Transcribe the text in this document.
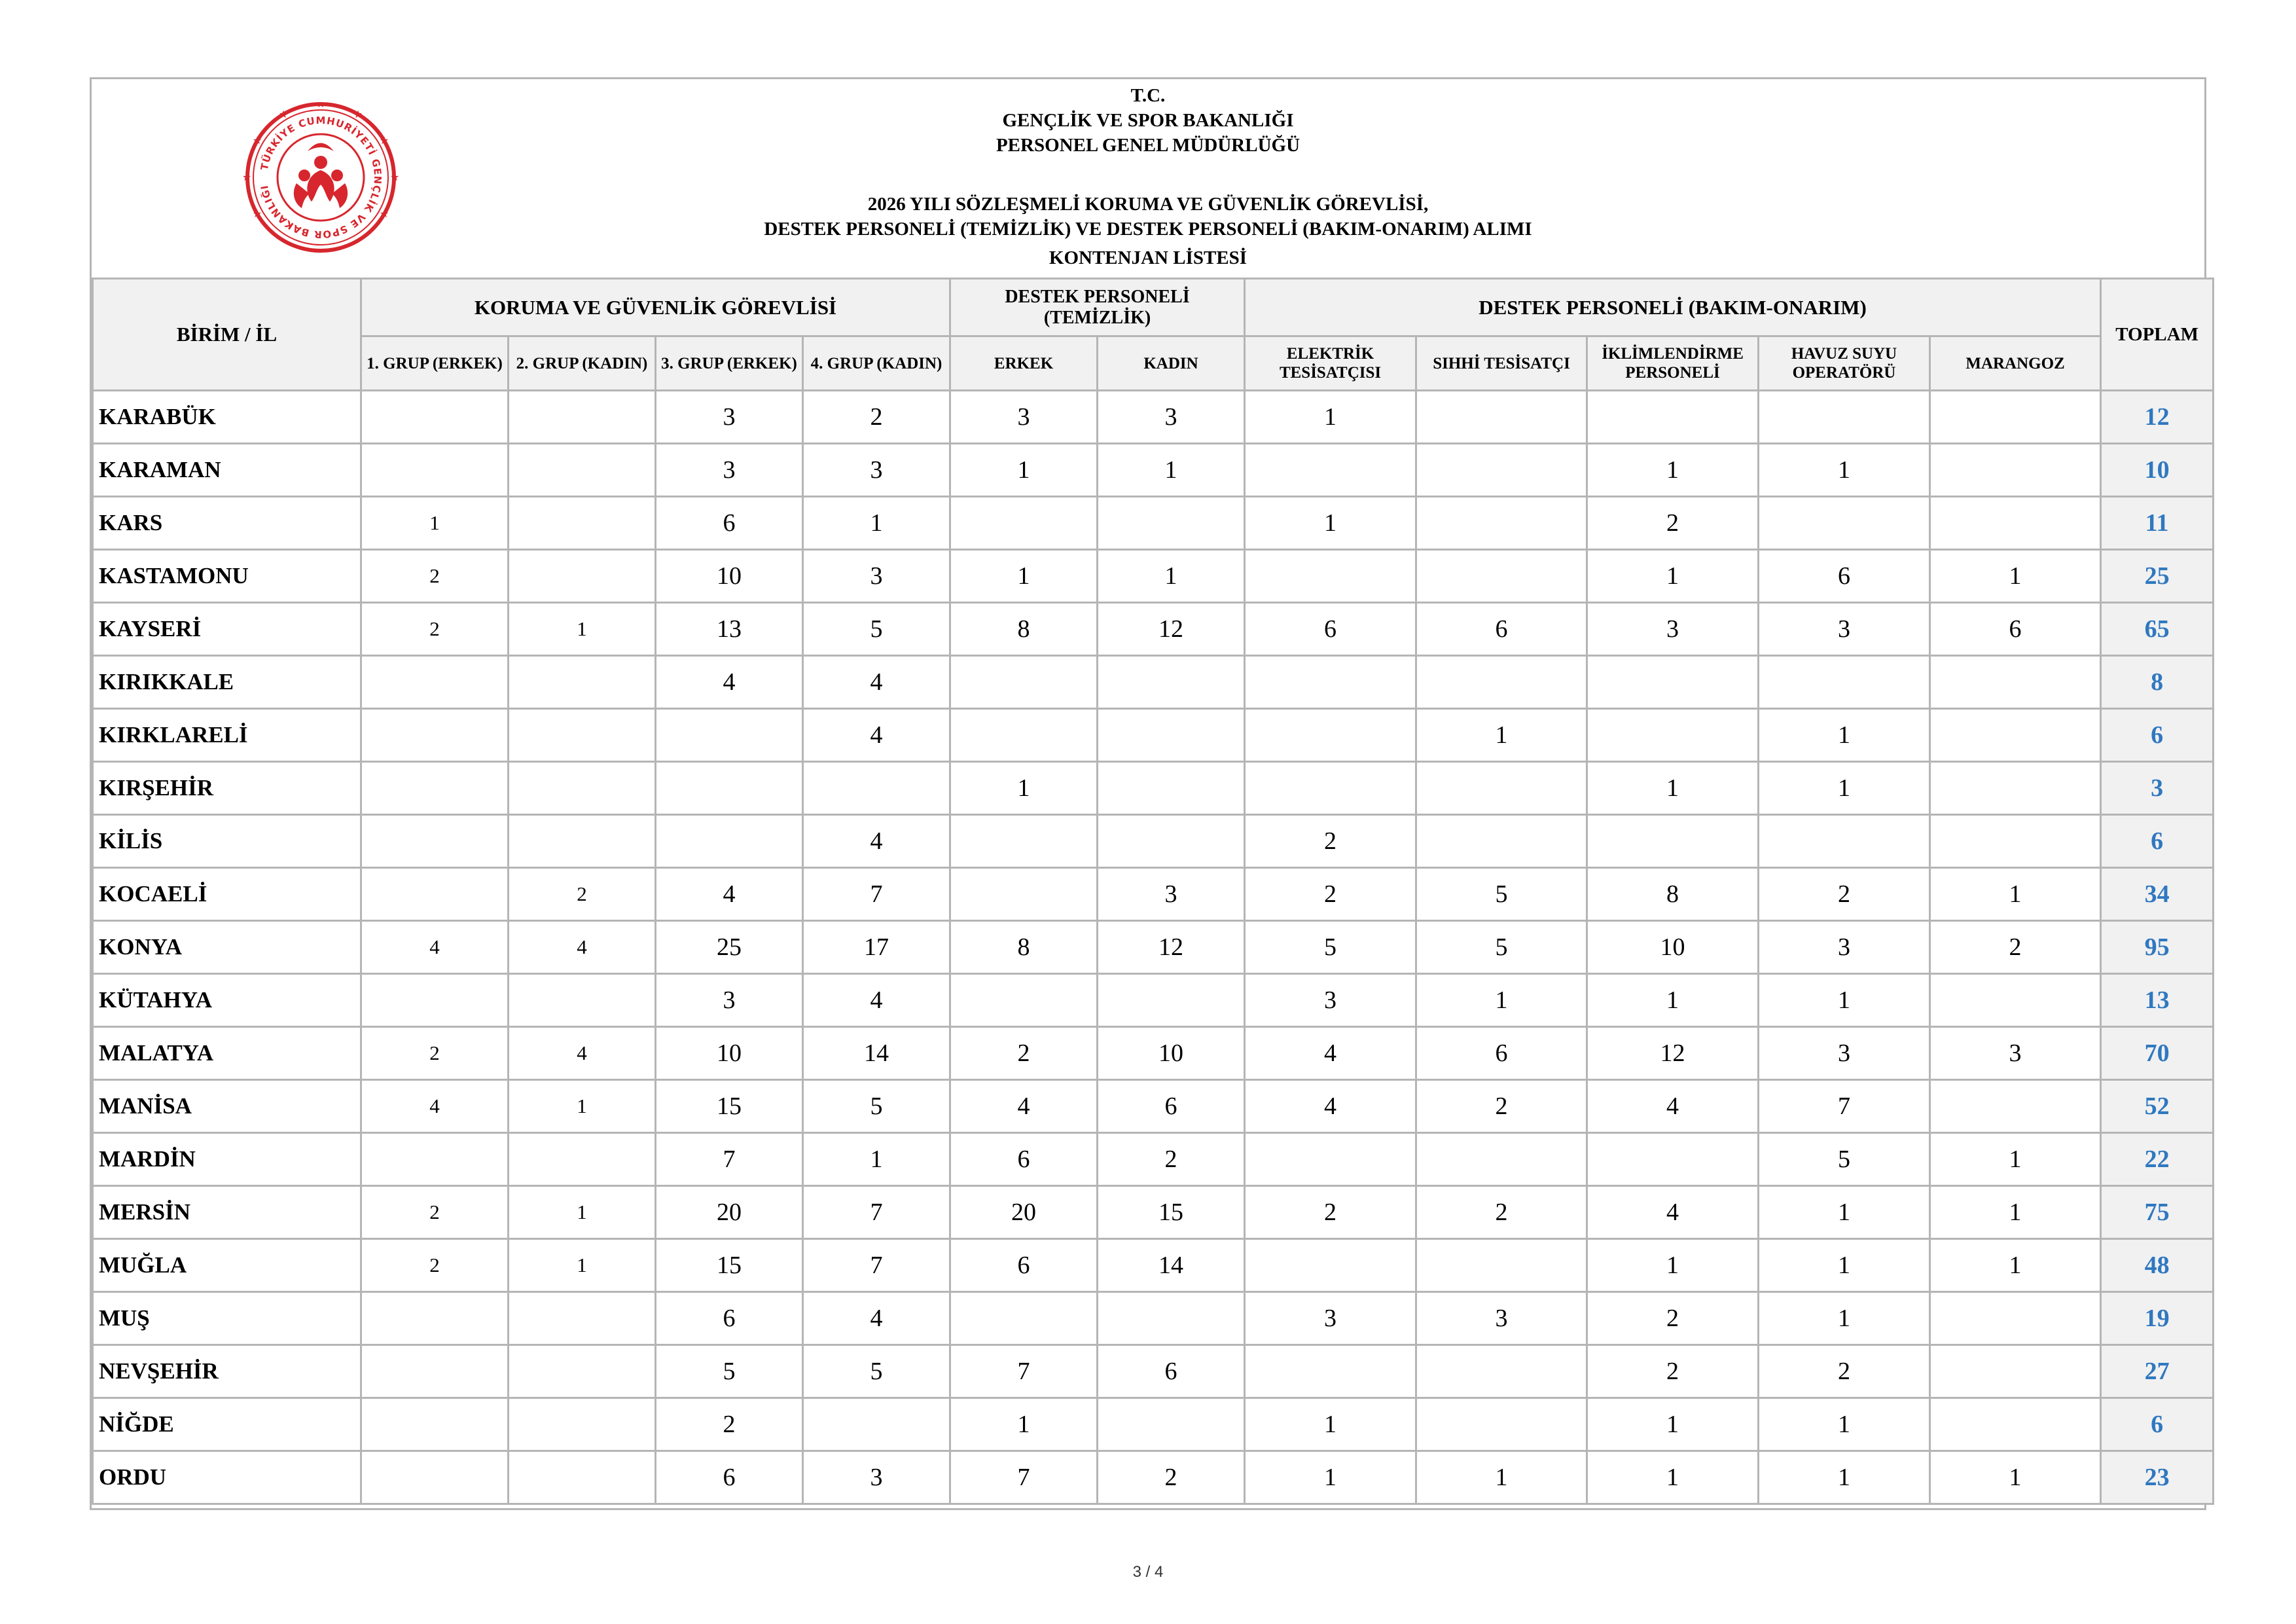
TÜRKİYE CUMHURİYETİ GENÇLİK VE SPOR BAKANLIĞI
★
★
★
★
★
★
★
★
★
T.C.
GENÇLİK VE SPOR BAKANLIĞI
PERSONEL GENEL MÜDÜRLÜĞÜ
2026 YILI SÖZLEŞMELİ KORUMA VE GÜVENLİK GÖREVLİSİ,
DESTEK PERSONELİ (TEMİZLİK) VE DESTEK PERSONELİ (BAKIM-ONARIM) ALIMI
KONTENJAN LİSTESİ
BİRİM / İL	KORUMA VE GÜVENLİK GÖREVLİSİ				DESTEK PERSONELİ (TEMİZLİK)		DESTEK PERSONELİ (BAKIM-ONARIM)					TOPLAM
	1. GRUP (ERKEK)	2. GRUP (KADIN)	3. GRUP (ERKEK)	4. GRUP (KADIN)	ERKEK	KADIN	ELEKTRİK TESİSATÇISI	SIHHİ TESİSATÇI	İKLİMLENDİRME PERSONELİ	HAVUZ SUYU OPERATÖRÜ	MARANGOZ	
KARABÜK			3	2	3	3	1					12
KARAMAN			3	3	1	1			1	1		10
KARS	1		6	1			1		2			11
KASTAMONU	2		10	3	1	1			1	6	1	25
KAYSERİ	2	1	13	5	8	12	6	6	3	3	6	65
KIRIKKALE			4	4								8
KIRKLARELİ				4				1		1		6
KIRŞEHİR					1				1	1		3
KİLİS				4			2					6
KOCAELİ		2	4	7		3	2	5	8	2	1	34
KONYA	4	4	25	17	8	12	5	5	10	3	2	95
KÜTAHYA			3	4			3	1	1	1		13
MALATYA	2	4	10	14	2	10	4	6	12	3	3	70
MANİSA	4	1	15	5	4	6	4	2	4	7		52
MARDİN			7	1	6	2				5	1	22
MERSİN	2	1	20	7	20	15	2	2	4	1	1	75
MUĞLA	2	1	15	7	6	14			1	1	1	48
MUŞ			6	4			3	3	2	1		19
NEVŞEHİR			5	5	7	6			2	2		27
NİĞDE			2		1		1		1	1		6
ORDU			6	3	7	2	1	1	1	1	1	23
3 / 4
